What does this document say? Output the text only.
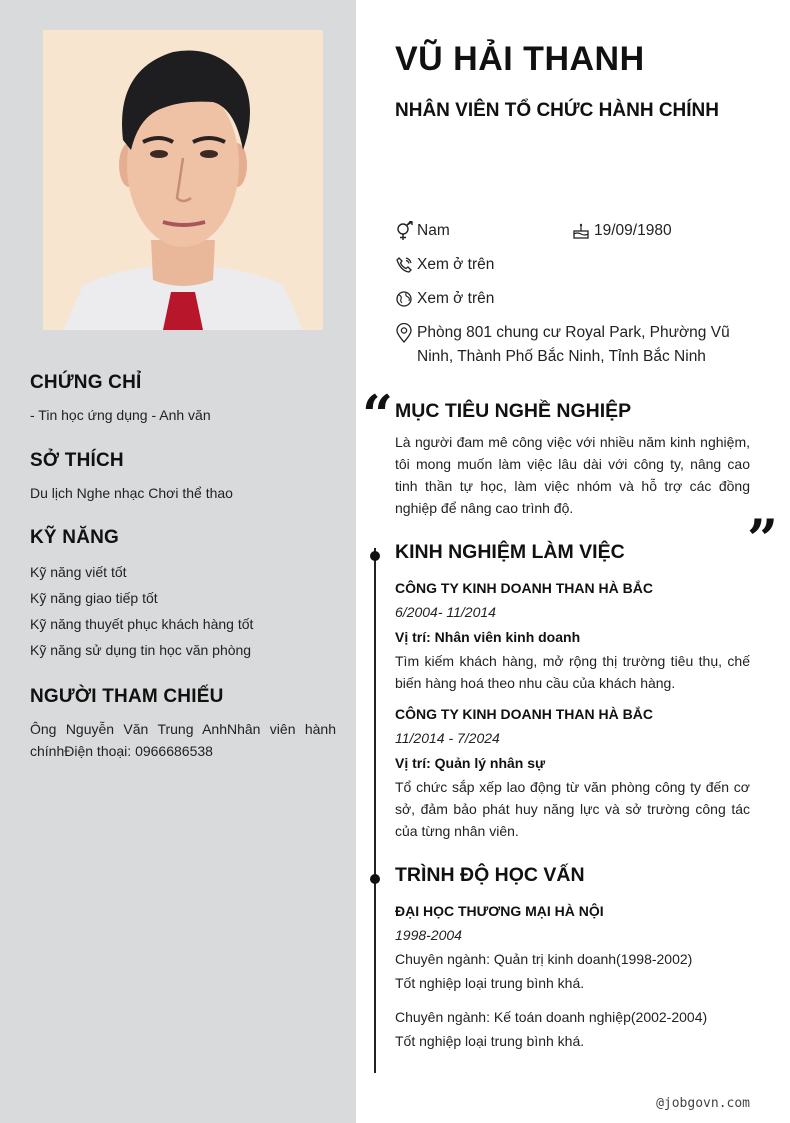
CHỨNG CHỈ
- Tin học ứng dụng - Anh văn
SỞ THÍCH
Du lịch Nghe nhạc Chơi thể thao
KỸ NĂNG
Kỹ năng viết tốt
Kỹ năng giao tiếp tốt
Kỹ năng thuyết phục khách hàng tốt
Kỹ năng sử dụng tin học văn phòng
NGƯỜI THAM CHIẾU
Ông Nguyễn Văn Trung AnhNhân viên hành chínhĐiện thoại: 0966686538
VŨ HẢI THANH
NHÂN VIÊN TỔ CHỨC HÀNH CHÍNH
Nam	19/09/1980
Xem ở trên
Xem ở trên
Phòng 801 chung cư Royal Park, Phường Vũ Ninh, Thành Phố Bắc Ninh, Tỉnh Bắc Ninh
“
”
MỤC TIÊU NGHỀ NGHIỆP
Là người đam mê công việc với nhiều năm kinh nghiệm, tôi mong muốn làm việc lâu dài với công ty, nâng cao tinh thần tự học, làm việc nhóm và hỗ trợ các đồng nghiệp để nâng cao trình độ.
KINH NGHIỆM LÀM VIỆC
CÔNG TY KINH DOANH THAN HÀ BẮC
6/2004- 11/2014
Vị trí: Nhân viên kinh doanh
Tìm kiếm khách hàng, mở rộng thị trường tiêu thụ, chế biến hàng hoá theo nhu cầu của khách hàng.
CÔNG TY KINH DOANH THAN HÀ BẮC
11/2014 - 7/2024
Vị trí: Quản lý nhân sự
Tổ chức sắp xếp lao động từ văn phòng công ty đến cơ sở, đảm bảo phát huy năng lực và sở trường công tác của từng nhân viên.
TRÌNH ĐỘ HỌC VẤN
ĐẠI HỌC THƯƠNG MẠI HÀ NỘI
1998-2004
Chuyên ngành: Quản trị kinh doanh(1998-2002)
Tốt nghiệp loại trung bình khá.
Chuyên ngành: Kế toán doanh nghiệp(2002-2004)
Tốt nghiệp loại trung bình khá.
@jobgovn.com
